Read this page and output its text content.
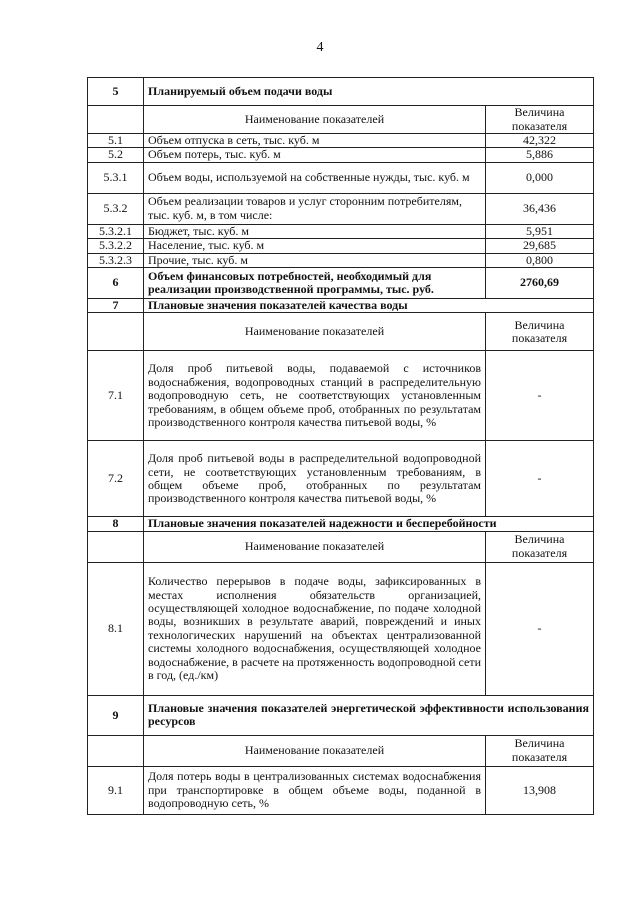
4
5	Планируемый объем подачи воды	
	Наименование показателей	Величина показателя
5.1	Объем отпуска в сеть, тыс. куб. м	42,322
5.2	Объем потерь, тыс. куб. м	5,886
5.3.1	Объем воды, используемой на собственные нужды, тыс. куб. м	0,000
5.3.2	Объем реализации товаров и услуг сторонним потребителям, тыс. куб. м, в том числе:	36,436
5.3.2.1	Бюджет, тыс. куб. м	5,951
5.3.2.2	Население, тыс. куб. м	29,685
5.3.2.3	Прочие, тыс. куб. м	0,800
6	Объем финансовых потребностей, необходимый для реализации производственной программы, тыс. руб.	2760,69
7	Плановые значения показателей качества воды	
	Наименование показателей	Величина показателя
7.1	Доля проб питьевой воды, подаваемой с источников водоснабжения, водопроводных станций в распределительную водопроводную сеть, не соответствующих установленным требованиям, в общем объеме проб, отобранных по результатам производственного контроля качества питьевой воды, %	-
7.2	Доля проб питьевой воды в распределительной водопроводной сети, не соответствующих установленным требованиям, в общем объеме проб, отобранных по результатам производственного контроля качества питьевой воды, %	-
8	Плановые значения показателей надежности и бесперебойности	
	Наименование показателей	Величина показателя
8.1	Количество перерывов в подаче воды, зафиксированных в местах исполнения обязательств организацией, осуществляющей холодное водоснабжение, по подаче холодной воды, возникших в результате аварий, повреждений и иных технологических нарушений на объектах централизованной системы холодного водоснабжения, осуществляющей холодное водоснабжение, в расчете на протяженность водопроводной сети в год, (ед./км)	-
9	Плановые значения показателей энергетической эффективности использования ресурсов	
	Наименование показателей	Величина показателя
9.1	Доля потерь воды в централизованных системах водоснабжения при транспортировке в общем объеме воды, поданной в водопроводную сеть, %	13,908
